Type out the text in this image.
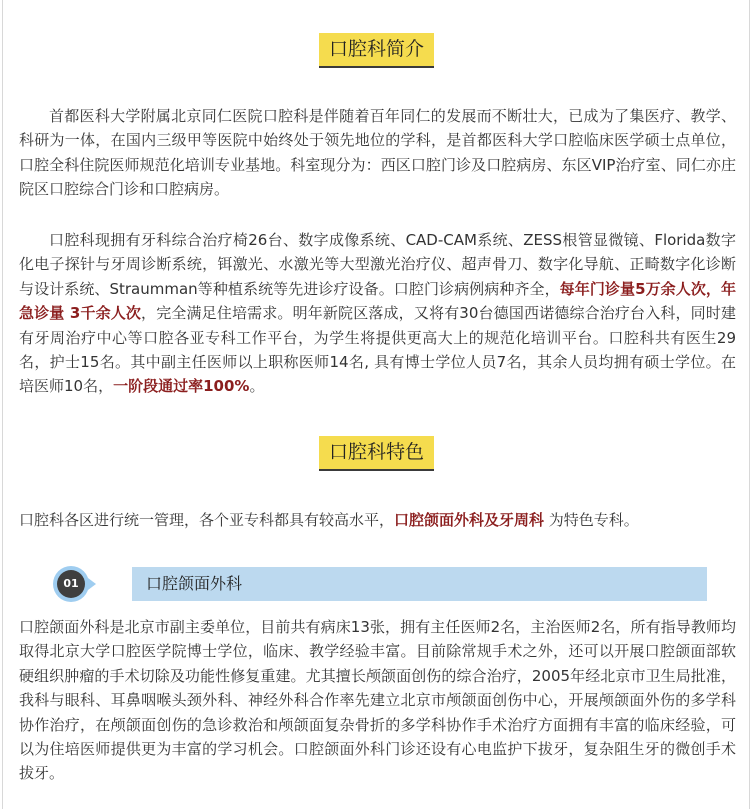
口腔科简介

首都医科大学附属北京同仁医院口腔科是伴随着百年同仁的发展而不断壮大，已成为了集医疗、教学、科研为一体，在国内三级甲等医院中始终处于领先地位的学科，是首都医科大学口腔临床医学硕士点单位，口腔全科住院医师规范化培训专业基地。科室现分为：西区口腔门诊及口腔病房、东区VIP治疗室、同仁亦庄院区口腔综合门诊和口腔病房。

口腔科现拥有牙科综合治疗椅26台、数字成像系统、CAD-CAM系统、ZESS根管显微镜、Florida数字化电子探针与牙周诊断系统，铒激光、水激光等大型激光治疗仪、超声骨刀、数字化导航、正畸数字化诊断与设计系统、Straumman等种植系统等先进诊疗设备。口腔门诊病例病种齐全，每年门诊量5万余人次，年急诊量 3千余人次，完全满足住培需求。明年新院区落成，又将有30台德国西诺德综合治疗台入科，同时建有牙周治疗中心等口腔各亚专科工作平台，为学生将提供更高大上的规范化培训平台。口腔科共有医生29名，护士15名。其中副主任医师以上职称医师14名, 具有博士学位人员7名，其余人员均拥有硕士学位。在培医师10名，一阶段通过率100%。

口腔科特色

口腔科各区进行统一管理，各个亚专科都具有较高水平，口腔颌面外科及牙周科 为特色专科。

01	口腔颌面外科

口腔颌面外科是北京市副主委单位，目前共有病床13张，拥有主任医师2名，主治医师2名，所有指导教师均取得北京大学口腔医学院博士学位，临床、教学经验丰富。目前除常规手术之外，还可以开展口腔颌面部软硬组织肿瘤的手术切除及功能性修复重建。尤其擅长颅颌面创伤的综合治疗，2005年经北京市卫生局批准，我科与眼科、耳鼻咽喉头颈外科、神经外科合作率先建立北京市颅颌面创伤中心，开展颅颌面外伤的多学科协作治疗，在颅颌面创伤的急诊救治和颅颌面复杂骨折的多学科协作手术治疗方面拥有丰富的临床经验，可以为住培医师提供更为丰富的学习机会。口腔颌面外科门诊还设有心电监护下拔牙，复杂阻生牙的微创手术拔牙。
